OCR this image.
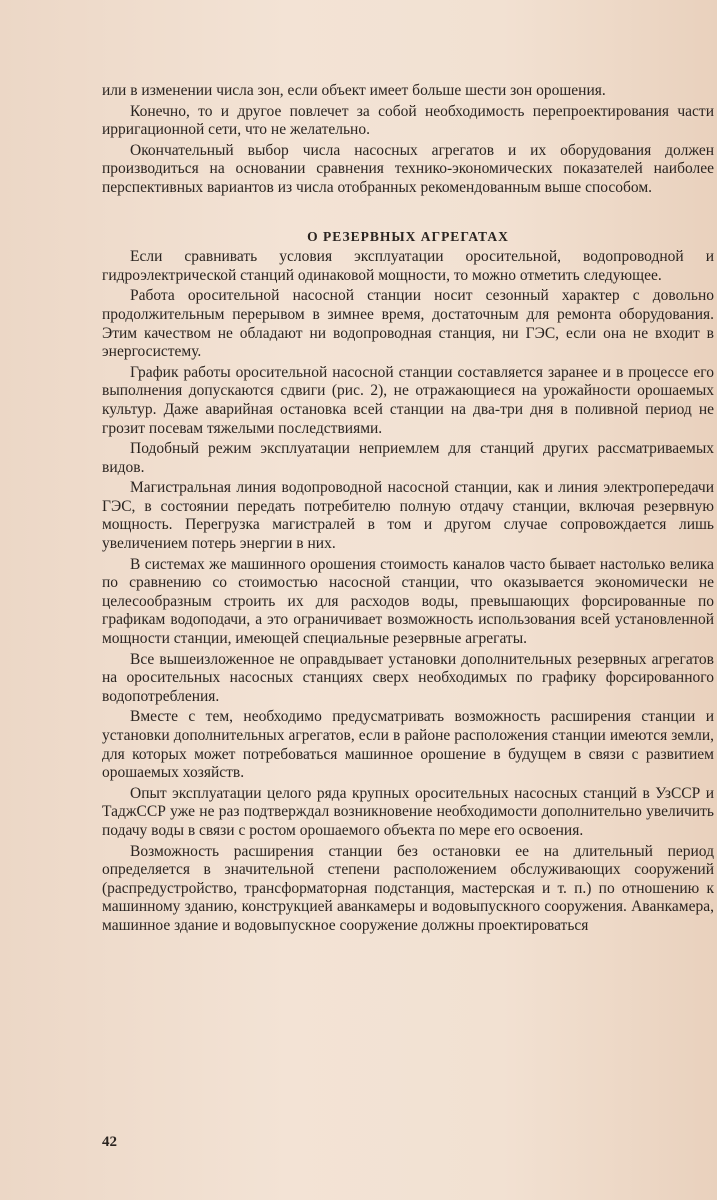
или в изменении числа зон, если объект имеет больше шести зон орошения.

Конечно, то и другое повлечет за собой необходимость перепроектирования части ирригационной сети, что не желательно.

Окончательный выбор числа насосных агрегатов и их оборудования должен производиться на основании сравнения технико-экономических показателей наиболее перспективных вариантов из числа отобранных рекомендованным выше способом.

О РЕЗЕРВНЫХ АГРЕГАТАХ

Если сравнивать условия эксплуатации оросительной, водопроводной и гидроэлектрической станций одинаковой мощности, то можно отметить следующее.

Работа оросительной насосной станции носит сезонный характер с довольно продолжительным перерывом в зимнее время, достаточным для ремонта оборудования. Этим качеством не обладают ни водопроводная станция, ни ГЭС, если она не входит в энергосистему.

График работы оросительной насосной станции составляется заранее и в процессе его выполнения допускаются сдвиги (рис. 2), не отражающиеся на урожайности орошаемых культур. Даже аварийная остановка всей станции на два-три дня в поливной период не грозит посевам тяжелыми последствиями.

Подобный режим эксплуатации неприемлем для станций других рассматриваемых видов.

Магистральная линия водопроводной насосной станции, как и линия электропередачи ГЭС, в состоянии передать потребителю полную отдачу станции, включая резервную мощность. Перегрузка магистралей в том и другом случае сопровождается лишь увеличением потерь энергии в них.

В системах же машинного орошения стоимость каналов часто бывает настолько велика по сравнению со стоимостью насосной станции, что оказывается экономически не целесообразным строить их для расходов воды, превышающих форсированные по графикам водоподачи, а это ограничивает возможность использования всей установленной мощности станции, имеющей специальные резервные агрегаты.

Все вышеизложенное не оправдывает установки дополнительных резервных агрегатов на оросительных насосных станциях сверх необходимых по графику форсированного водопотребления.

Вместе с тем, необходимо предусматривать возможность расширения станции и установки дополнительных агрегатов, если в районе расположения станции имеются земли, для которых может потребоваться машинное орошение в будущем в связи с развитием орошаемых хозяйств.

Опыт эксплуатации целого ряда крупных оросительных насосных станций в УзССР и ТаджССР уже не раз подтверждал возникновение необходимости дополнительно увеличить подачу воды в связи с ростом орошаемого объекта по мере его освоения.

Возможность расширения станции без остановки ее на длительный период определяется в значительной степени расположением обслуживающих сооружений (распредустройство, трансформаторная подстанция, мастерская и т. п.) по отношению к машинному зданию, конструкцией аванкамеры и водовыпускного сооружения. Аванкамера, машинное здание и водовыпускное сооружение должны проектироваться

42
